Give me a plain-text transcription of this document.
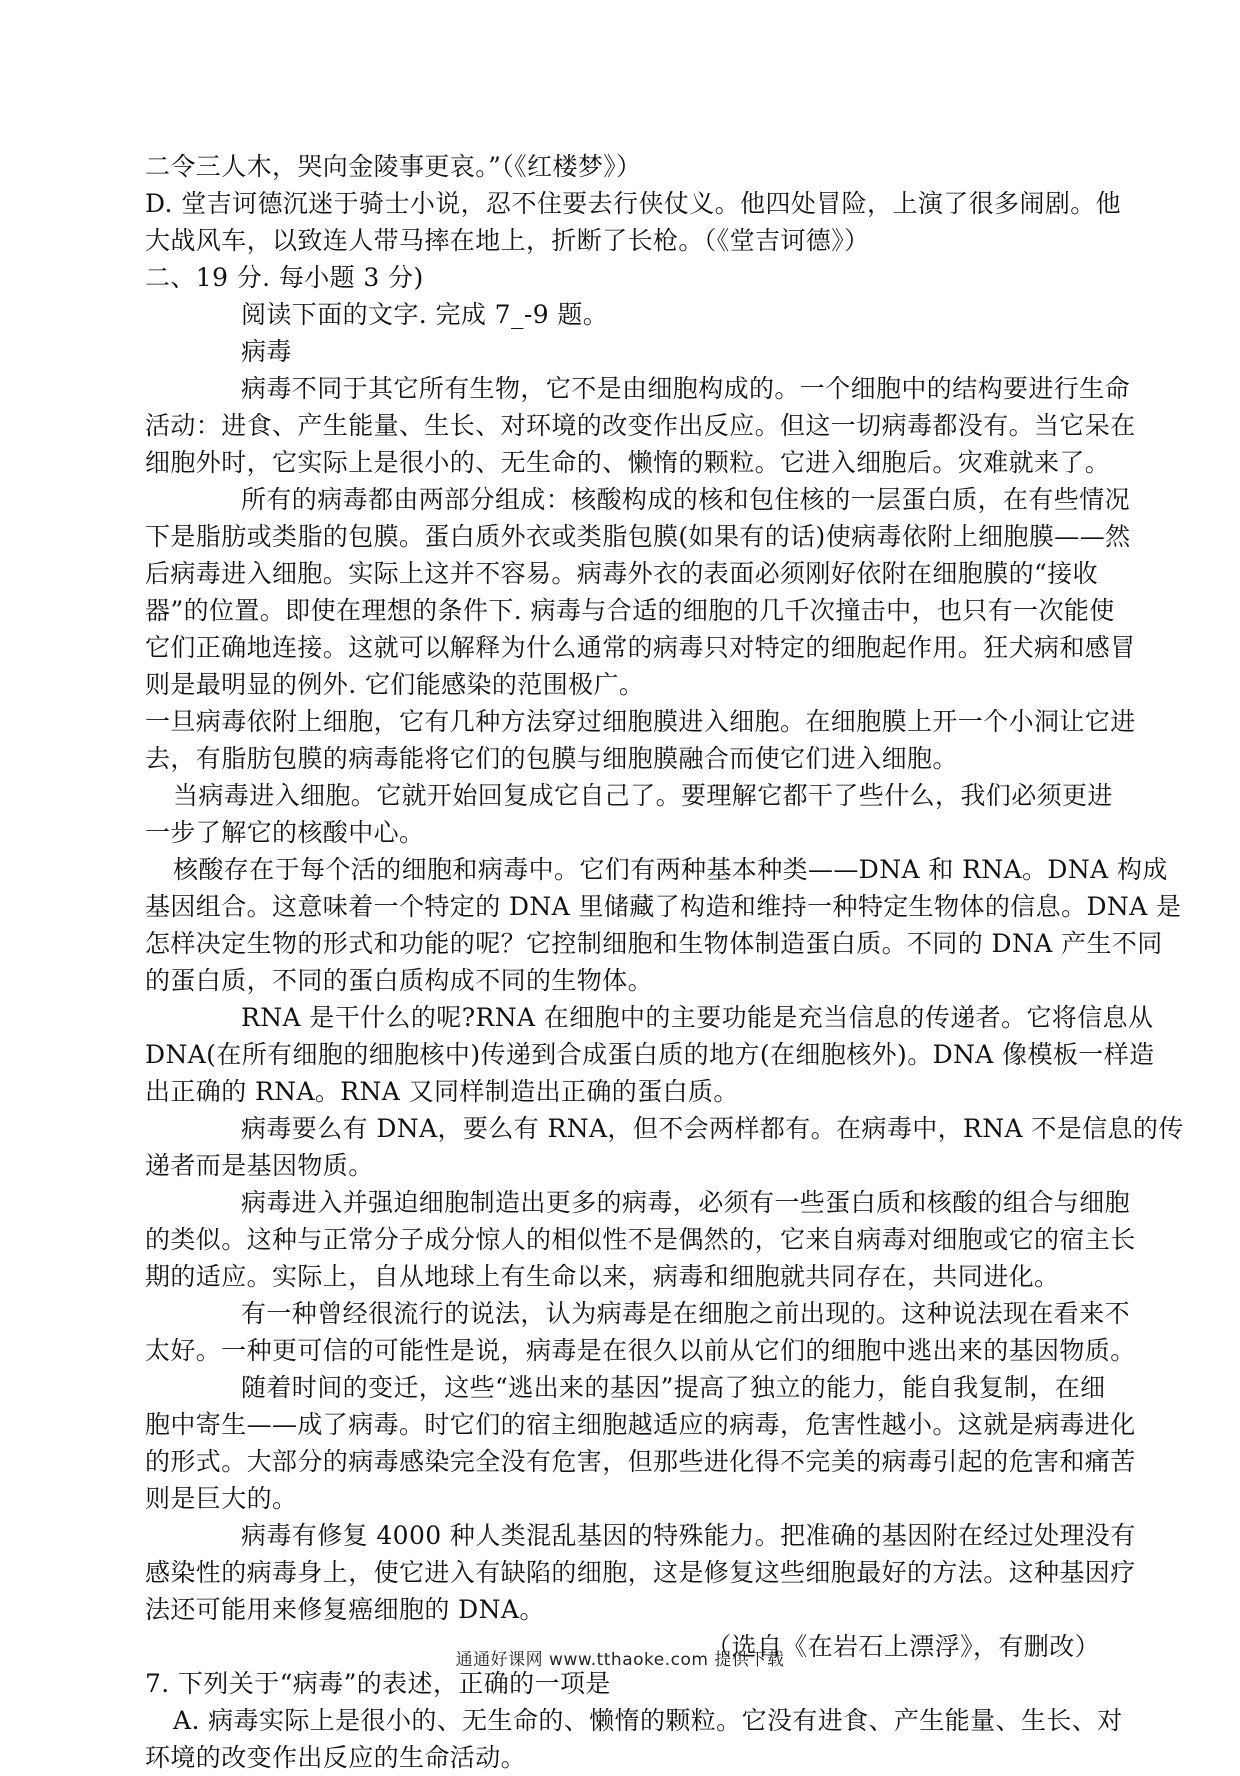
二令三人木，哭向金陵事更哀。”（《红楼梦》）
D. 堂吉诃德沉迷于骑士小说，忍不住要去行侠仗义。他四处冒险，上演了很多闹剧。他
大战风车，以致连人带马摔在地上，折断了长枪。（《堂吉诃德》）
二、19 分. 每小题 3 分)
阅读下面的文字. 完成 7_-9 题。
病毒
病毒不同于其它所有生物，它不是由细胞构成的。一个细胞中的结构要进行生命
活动：进食、产生能量、生长、对环境的改变作出反应。但这一切病毒都没有。当它呆在
细胞外时，它实际上是很小的、无生命的、懒惰的颗粒。它进入细胞后。灾难就来了。
所有的病毒都由两部分组成：核酸构成的核和包住核的一层蛋白质，在有些情况
下是脂肪或类脂的包膜。蛋白质外衣或类脂包膜(如果有的话)使病毒依附上细胞膜——然
后病毒进入细胞。实际上这并不容易。病毒外衣的表面必须刚好依附在细胞膜的“接收
器”的位置。即使在理想的条件下. 病毒与合适的细胞的几千次撞击中，也只有一次能使
它们正确地连接。这就可以解释为什么通常的病毒只对特定的细胞起作用。狂犬病和感冒
则是最明显的例外. 它们能感染的范围极广。
一旦病毒依附上细胞，它有几种方法穿过细胞膜进入细胞。在细胞膜上开一个小洞让它进
去，有脂肪包膜的病毒能将它们的包膜与细胞膜融合而使它们进入细胞。
当病毒进入细胞。它就开始回复成它自己了。要理解它都干了些什么，我们必须更进
一步了解它的核酸中心。
核酸存在于每个活的细胞和病毒中。它们有两种基本种类——DNA 和 RNA。DNA 构成
基因组合。这意味着一个特定的 DNA 里储藏了构造和维持一种特定生物体的信息。DNA 是
怎样决定生物的形式和功能的呢？它控制细胞和生物体制造蛋白质。不同的 DNA 产生不同
的蛋白质，不同的蛋白质构成不同的生物体。
RNA 是干什么的呢?RNA 在细胞中的主要功能是充当信息的传递者。它将信息从
DNA(在所有细胞的细胞核中)传递到合成蛋白质的地方(在细胞核外)。DNA 像模板一样造
出正确的 RNA。RNA 又同样制造出正确的蛋白质。
病毒要么有 DNA，要么有 RNA，但不会两样都有。在病毒中，RNA 不是信息的传
递者而是基因物质。
病毒进入并强迫细胞制造出更多的病毒，必须有一些蛋白质和核酸的组合与细胞
的类似。这种与正常分子成分惊人的相似性不是偶然的，它来自病毒对细胞或它的宿主长
期的适应。实际上，自从地球上有生命以来，病毒和细胞就共同存在，共同进化。
有一种曾经很流行的说法，认为病毒是在细胞之前出现的。这种说法现在看来不
太好。一种更可信的可能性是说，病毒是在很久以前从它们的细胞中逃出来的基因物质。
随着时间的变迁，这些“逃出来的基因”提高了独立的能力，能自我复制，在细
胞中寄生——成了病毒。时它们的宿主细胞越适应的病毒，危害性越小。这就是病毒进化
的形式。大部分的病毒感染完全没有危害，但那些进化得不完美的病毒引起的危害和痛苦
则是巨大的。
病毒有修复 4000 种人类混乱基因的特殊能力。把准确的基因附在经过处理没有
感染性的病毒身上，使它进入有缺陷的细胞，这是修复这些细胞最好的方法。这种基因疗
法还可能用来修复癌细胞的 DNA。
（选自《在岩石上漂浮》，有删改）
7. 下列关于“病毒”的表述，正确的一项是
A. 病毒实际上是很小的、无生命的、懒惰的颗粒。它没有进食、产生能量、生长、对
环境的改变作出反应的生命活动。
通通好课网 www.tthaoke.com 提供下载
